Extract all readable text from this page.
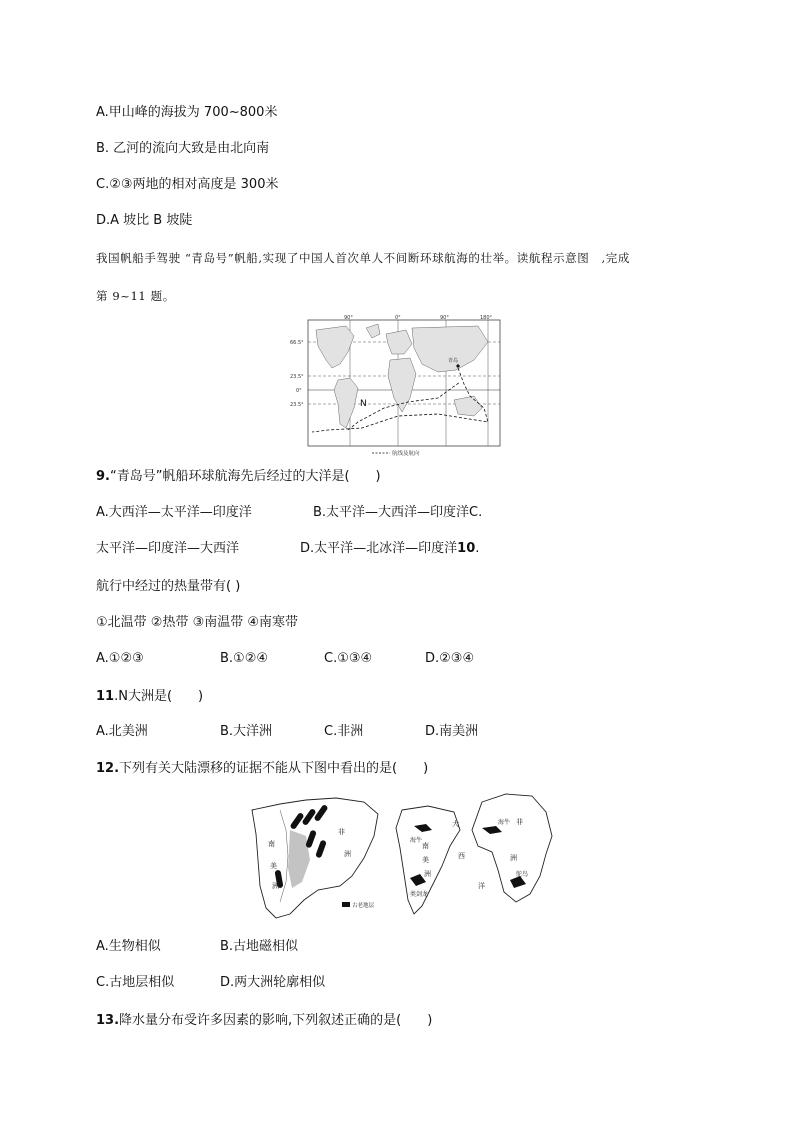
A.甲山峰的海拔为 700~800米
B. 乙河的流向大致是由北向南
C.②③两地的相对高度是 300米
D.A 坡比 B 坡陡
我国帆船手驾驶 “青岛号”帆船,实现了中国人首次单人不间断环球航海的壮举。读航程示意图　,完成
第 9~11 题。
90°	0°	90°	180°
66.5°
23.5°
0°
23.5°	N
青岛
航线及航向
9.“青岛号”帆船环球航海先后经过的大洋是(　　)
A.大西洋—太平洋—印度洋	B.太平洋—大西洋—印度洋C.
太平洋—印度洋—大西洋	D.太平洋—北冰洋—印度洋10.
航行中经过的热量带有( )
①北温带 ②热带 ③南温带 ④南寒带
A.①②③	B.①②④	C.①③④	D.②③④
11.N大洲是(　　)
A.北美洲	B.大洋洲	C.非洲	D.南美洲
12.下列有关大陆漂移的证据不能从下图中看出的是(　　)
南
美
洲
非
洲
古老地层
大
西
洋
南
美
洲
非
洲
海牛
海牛
类剑龙
鸵鸟
A.生物相似	B.古地磁相似
C.古地层相似	D.两大洲轮廓相似
13.降水量分布受许多因素的影响,下列叙述正确的是(　　)
